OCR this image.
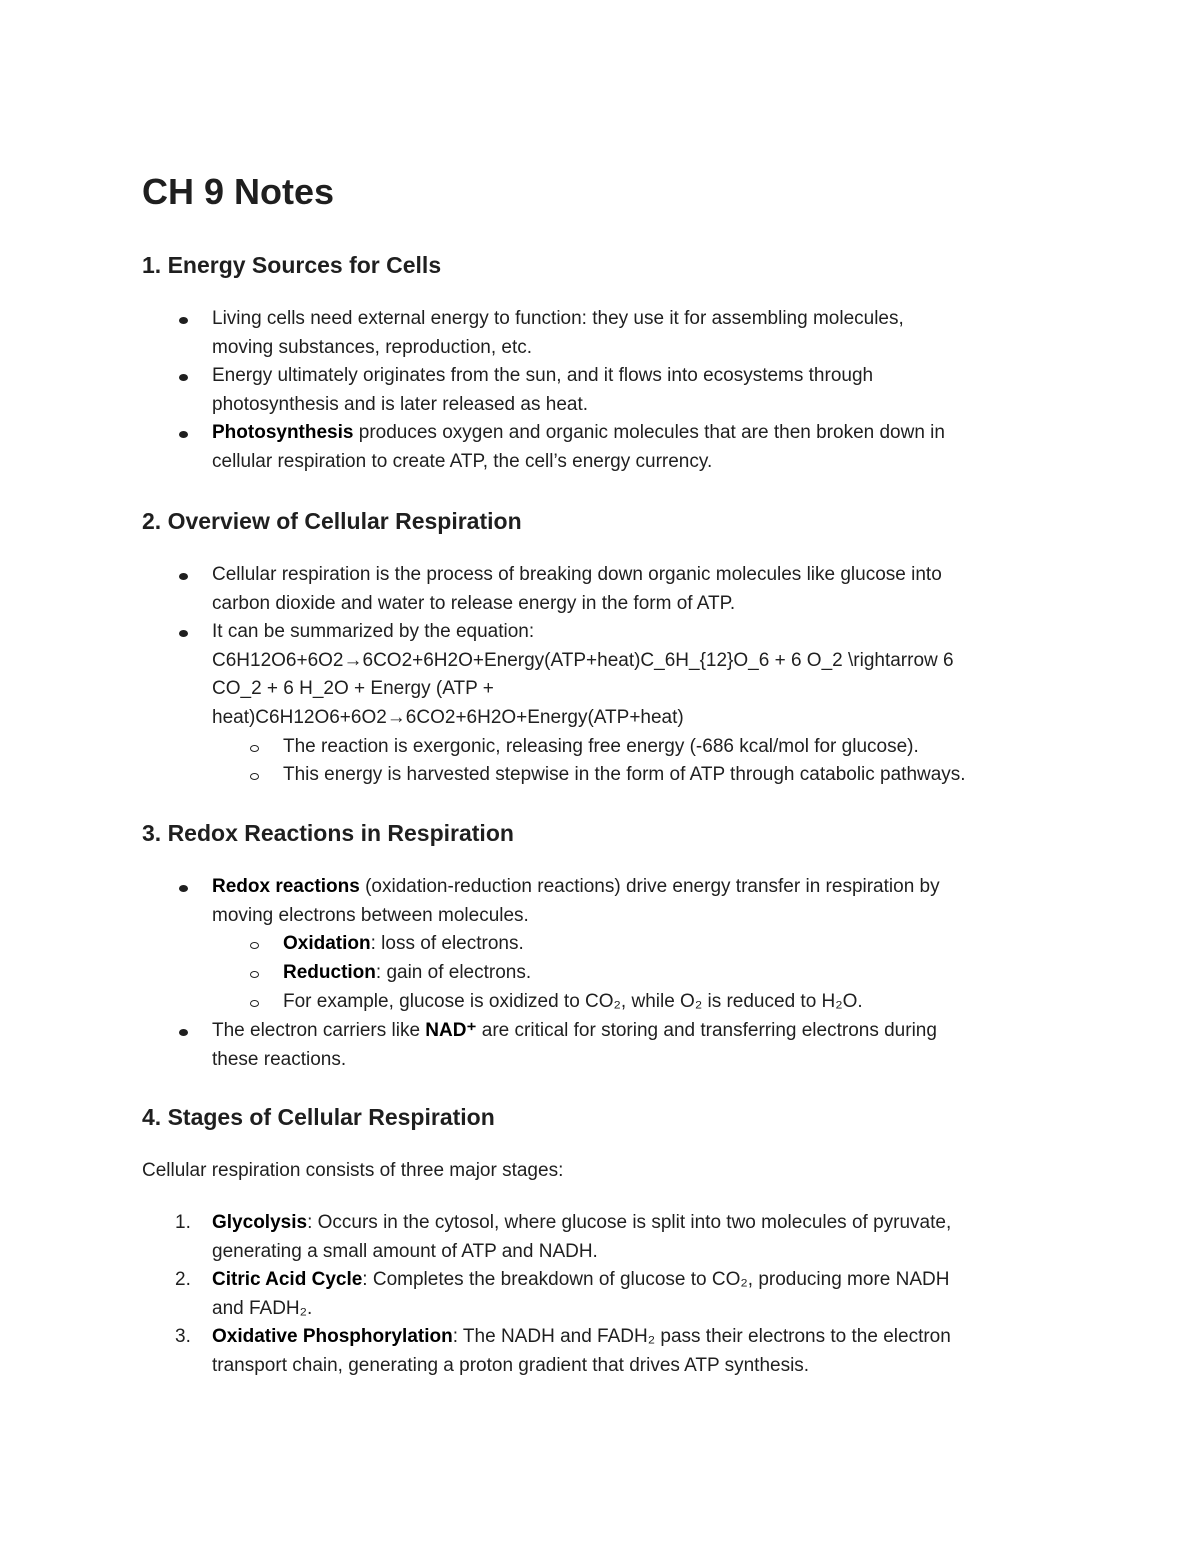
CH 9 Notes
1. Energy Sources for Cells
Living cells need external energy to function: they use it for assembling molecules,
moving substances, reproduction, etc.
Energy ultimately originates from the sun, and it flows into ecosystems through
photosynthesis and is later released as heat.
Photosynthesis produces oxygen and organic molecules that are then broken down in
cellular respiration to create ATP, the cell’s energy currency.
2. Overview of Cellular Respiration
Cellular respiration is the process of breaking down organic molecules like glucose into
carbon dioxide and water to release energy in the form of ATP.
It can be summarized by the equation:
C6H12O6+6O2→6CO2+6H2O+Energy(ATP+heat)C_6H_{12}O_6 + 6 O_2 \rightarrow 6
CO_2 + 6 H_2O + Energy (ATP +
heat)C6H12O6+6O2→6CO2+6H2O+Energy(ATP+heat)
The reaction is exergonic, releasing free energy (-686 kcal/mol for glucose).
This energy is harvested stepwise in the form of ATP through catabolic pathways.
3. Redox Reactions in Respiration
Redox reactions (oxidation-reduction reactions) drive energy transfer in respiration by
moving electrons between molecules.
Oxidation: loss of electrons.
Reduction: gain of electrons.
For example, glucose is oxidized to CO₂, while O₂ is reduced to H₂O.
The electron carriers like NAD⁺ are critical for storing and transferring electrons during
these reactions.
4. Stages of Cellular Respiration

Cellular respiration consists of three major stages:

1. Glycolysis: Occurs in the cytosol, where glucose is split into two molecules of pyruvate,
generating a small amount of ATP and NADH.
2. Citric Acid Cycle: Completes the breakdown of glucose to CO₂, producing more NADH
and FADH₂.
3. Oxidative Phosphorylation: The NADH and FADH₂ pass their electrons to the electron
transport chain, generating a proton gradient that drives ATP synthesis.
